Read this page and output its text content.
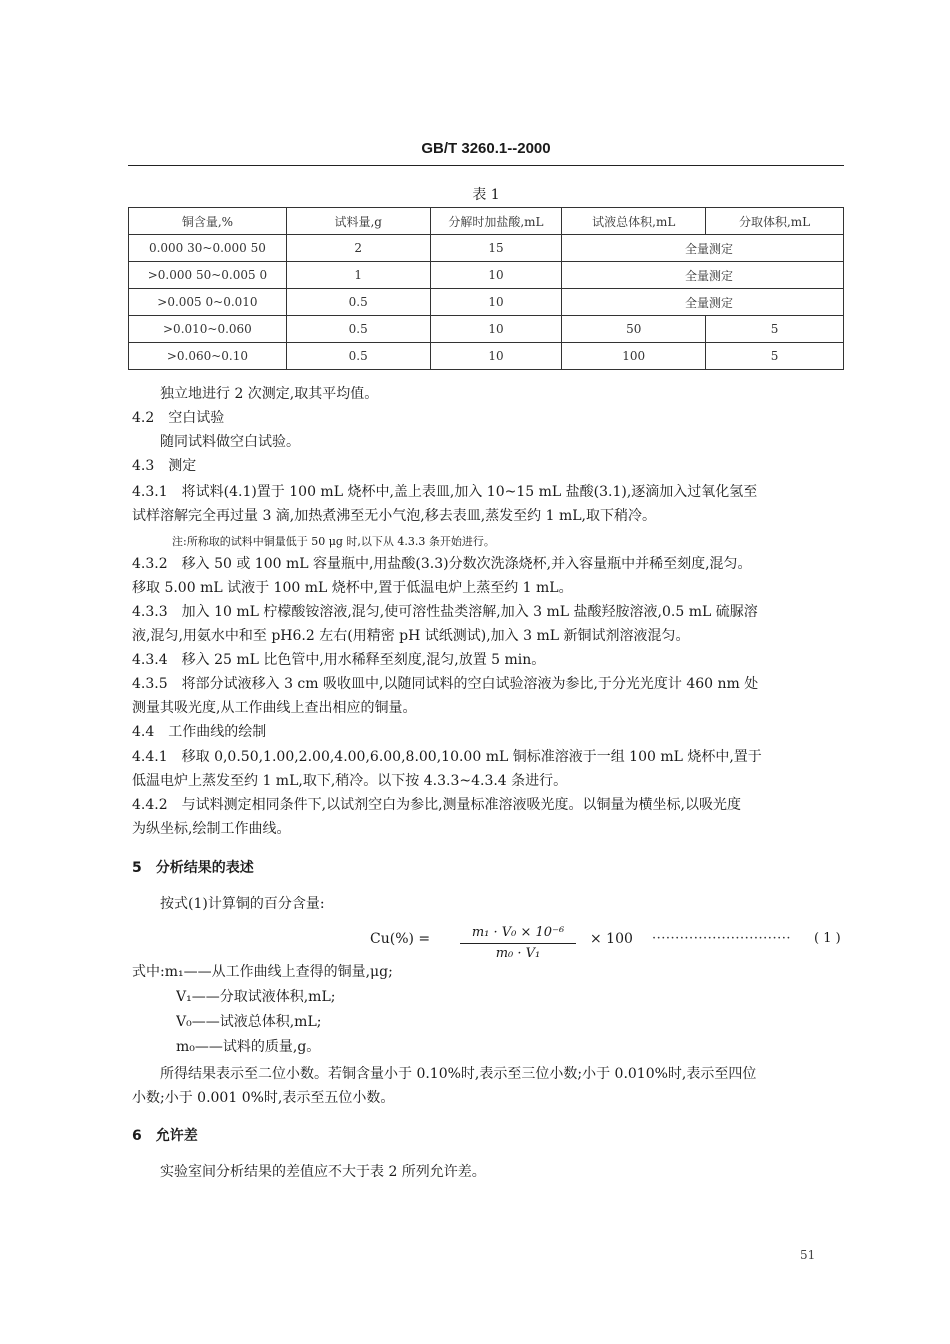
GB/T 3260.1--2000
表 1
铜含量,%	试料量,g	分解时加盐酸,mL	试液总体积,mL	分取体积,mL
0.000 30~0.000 50	2	15	全量测定	
>0.000 50~0.005 0	1	10	全量测定	
>0.005 0~0.010	0.5	10	全量测定	
>0.010~0.060	0.5	10	50	5
>0.060~0.10	0.5	10	100	5
独立地进行 2 次测定,取其平均值。
4.2　空白试验
随同试料做空白试验。
4.3　测定
4.3.1　将试料(4.1)置于 100 mL 烧杯中,盖上表皿,加入 10~15 mL 盐酸(3.1),逐滴加入过氧化氢至
试样溶解完全再过量 3 滴,加热煮沸至无小气泡,移去表皿,蒸发至约 1 mL,取下稍冷。
注:所称取的试料中铜量低于 50 μg 时,以下从 4.3.3 条开始进行。
4.3.2　移入 50 或 100 mL 容量瓶中,用盐酸(3.3)分数次洗涤烧杯,并入容量瓶中并稀至刻度,混匀。
移取 5.00 mL 试液于 100 mL 烧杯中,置于低温电炉上蒸至约 1 mL。
4.3.3　加入 10 mL 柠檬酸铵溶液,混匀,使可溶性盐类溶解,加入 3 mL 盐酸羟胺溶液,0.5 mL 硫脲溶
液,混匀,用氨水中和至 pH6.2 左右(用精密 pH 试纸测试),加入 3 mL 新铜试剂溶液混匀。
4.3.4　移入 25 mL 比色管中,用水稀释至刻度,混匀,放置 5 min。
4.3.5　将部分试液移入 3 cm 吸收皿中,以随同试料的空白试验溶液为参比,于分光光度计 460 nm 处
测量其吸光度,从工作曲线上查出相应的铜量。
4.4　工作曲线的绘制
4.4.1　移取 0,0.50,1.00,2.00,4.00,6.00,8.00,10.00 mL 铜标准溶液于一组 100 mL 烧杯中,置于
低温电炉上蒸发至约 1 mL,取下,稍冷。以下按 4.3.3~4.3.4 条进行。
4.4.2　与试料测定相同条件下,以试剂空白为参比,测量标准溶液吸光度。以铜量为横坐标,以吸光度
为纵坐标,绘制工作曲线。
5　分析结果的表述
按式(1)计算铜的百分含量:
Cu(%) =	m₁ · V₀ × 10⁻⁶
m₀ · V₁
× 100 ······························ ( 1 )
式中:m₁——从工作曲线上查得的铜量,μg;
V₁——分取试液体积,mL;
V₀——试液总体积,mL;
m₀——试料的质量,g。
所得结果表示至二位小数。若铜含量小于 0.10%时,表示至三位小数;小于 0.010%时,表示至四位
小数;小于 0.001 0%时,表示至五位小数。
6　允许差
实验室间分析结果的差值应不大于表 2 所列允许差。
51
